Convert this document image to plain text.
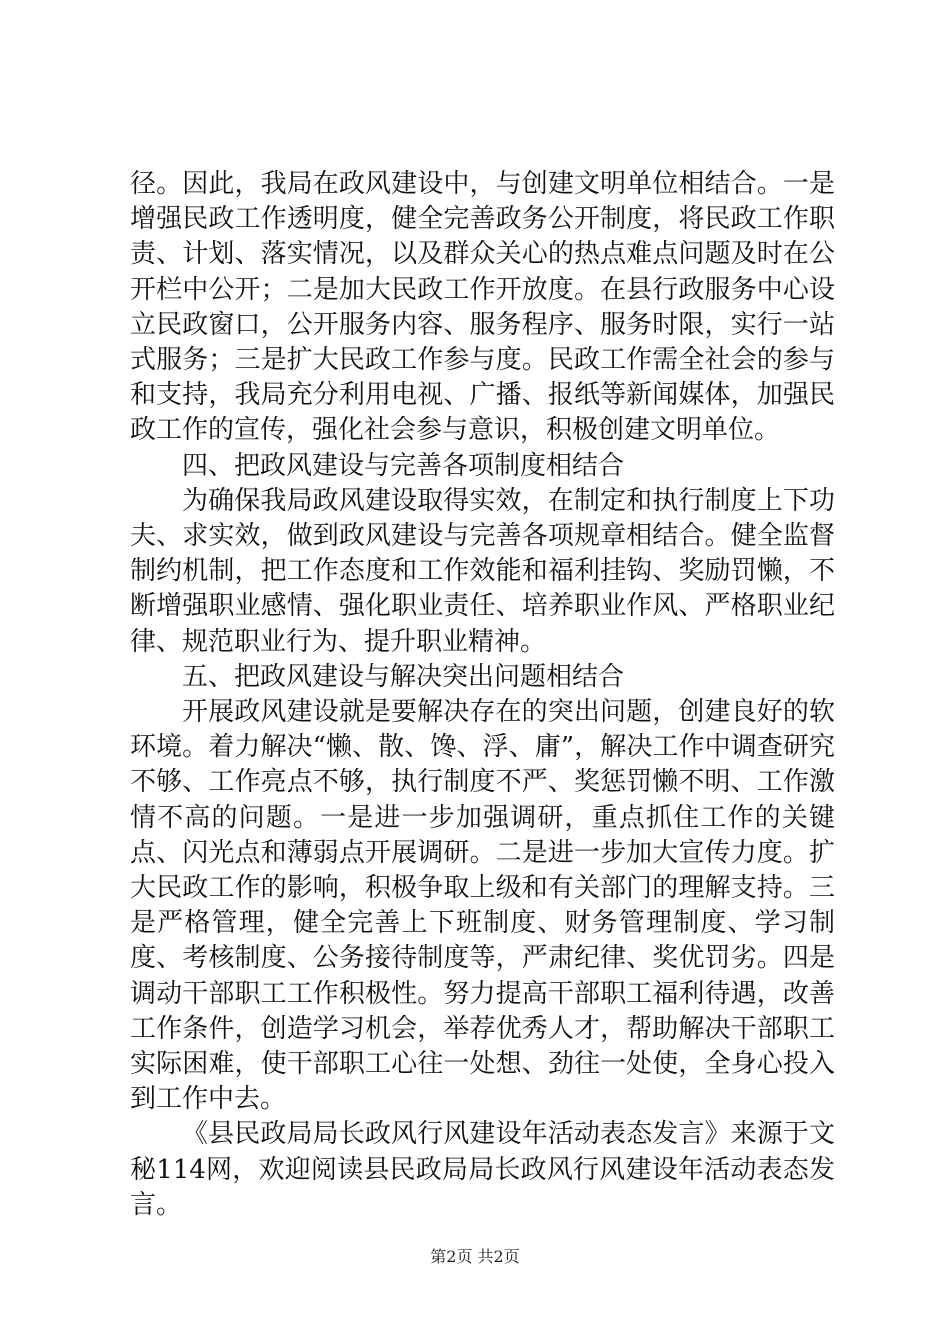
径。因此，我局在政风建设中，与创建文明单位相结合。一是增强民政工作透明度，健全完善政务公开制度，将民政工作职责、计划、落实情况，以及群众关心的热点难点问题及时在公开栏中公开；二是加大民政工作开放度。在县行政服务中心设立民政窗口，公开服务内容、服务程序、服务时限，实行一站式服务；三是扩大民政工作参与度。民政工作需全社会的参与和支持，我局充分利用电视、广播、报纸等新闻媒体，加强民政工作的宣传，强化社会参与意识，积极创建文明单位。

四、把政风建设与完善各项制度相结合

为确保我局政风建设取得实效，在制定和执行制度上下功夫、求实效，做到政风建设与完善各项规章相结合。健全监督制约机制，把工作态度和工作效能和福利挂钩、奖励罚懒，不断增强职业感情、强化职业责任、培养职业作风、严格职业纪律、规范职业行为、提升职业精神。

五、把政风建设与解决突出问题相结合

开展政风建设就是要解决存在的突出问题，创建良好的软环境。着力解决“懒、散、馋、浮、庸”，解决工作中调查研究不够、工作亮点不够，执行制度不严、奖惩罚懒不明、工作激情不高的问题。一是进一步加强调研，重点抓住工作的关键点、闪光点和薄弱点开展调研。二是进一步加大宣传力度。扩大民政工作的影响，积极争取上级和有关部门的理解支持。三是严格管理，健全完善上下班制度、财务管理制度、学习制度、考核制度、公务接待制度等，严肃纪律、奖优罚劣。四是调动干部职工工作积极性。努力提高干部职工福利待遇，改善工作条件，创造学习机会，举荐优秀人才，帮助解决干部职工实际困难，使干部职工心往一处想、劲往一处使，全身心投入到工作中去。

《县民政局局长政风行风建设年活动表态发言》来源于文秘114网，欢迎阅读县民政局局长政风行风建设年活动表态发言。

第2页 共2页
